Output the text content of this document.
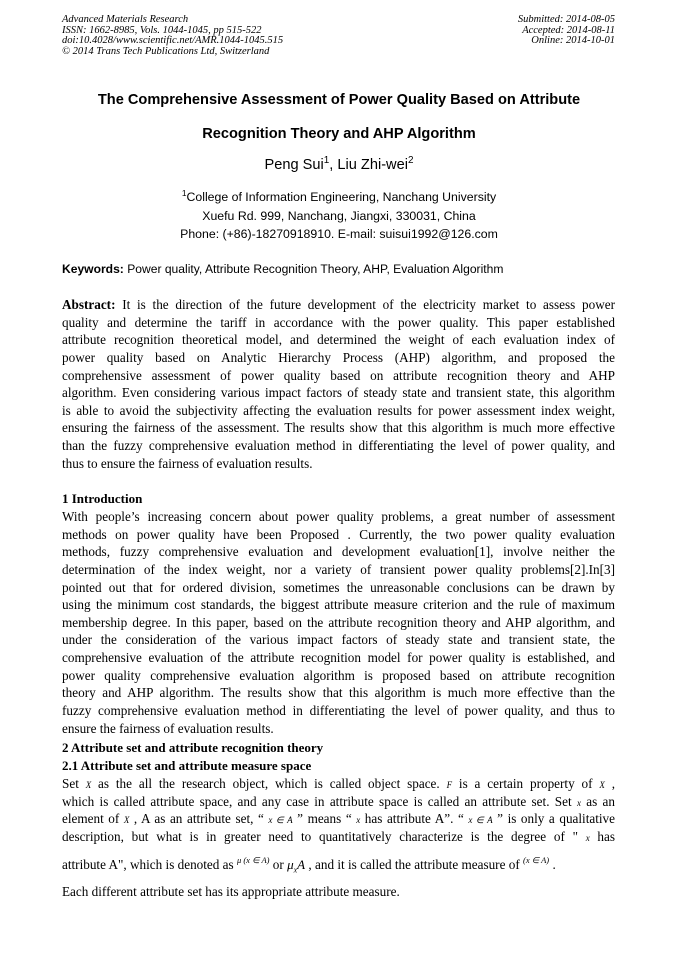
Advanced Materials Research
ISSN: 1662-8985, Vols. 1044-1045, pp 515-522
doi:10.4028/www.scientific.net/AMR.1044-1045.515
© 2014 Trans Tech Publications Ltd, Switzerland
Submitted: 2014-08-05
Accepted: 2014-08-11
Online: 2014-10-01
The Comprehensive Assessment of Power Quality Based on Attribute
Recognition Theory and AHP Algorithm
Peng Sui$^1$, Liu Zhi-wei$^2$
$^1$College of Information Engineering, Nanchang University
Xuefu Rd. 999, Nanchang, Jiangxi, 330031, China
Phone: (+86)-18270918910. E-mail: suisui1992@126.com
Keywords: Power quality, Attribute Recognition Theory, AHP, Evaluation Algorithm
Abstract: It is the direction of the future development of the electricity market to assess power
quality and determine the tariff in accordance with the power quality. This paper established
attribute recognition theoretical model, and determined the weight of each evaluation index of
power quality based on Analytic Hierarchy Process (AHP) algorithm, and proposed the
comprehensive assessment of power quality based on attribute recognition theory and AHP
algorithm. Even considering various impact factors of steady state and transient state, this algorithm
is able to avoid the subjectivity affecting the evaluation results for power assessment index weight,
ensuring the fairness of the assessment. The results show that this algorithm is much more effective
than the fuzzy comprehensive evaluation method in differentiating the level of power quality, and
thus to ensure the fairness of evaluation results.
1 Introduction
With people’s increasing concern about power quality problems, a great number of assessment
methods on power quality have been Proposed . Currently, the two power quality evaluation
methods, fuzzy comprehensive evaluation and development evaluation[1], involve neither the
determination of the index weight, nor a variety of transient power quality problems[2].In[3]
pointed out that for ordered division, sometimes the unreasonable conclusions can be drawn by
using the minimum cost standards, the biggest attribute measure criterion and the rule of maximum
membership degree. In this paper, based on the attribute recognition theory and AHP algorithm, and
under the consideration of the various impact factors of steady state and transient state, the
comprehensive evaluation of the attribute recognition model for power quality is established, and
power quality comprehensive evaluation algorithm is proposed based on attribute recognition
theory and AHP algorithm. The results show that this algorithm is much more effective than the
fuzzy comprehensive evaluation method in differentiating the level of power quality, and thus to
ensure the fairness of evaluation results.
2 Attribute set and attribute recognition theory
2.1 Attribute set and attribute measure space
Set X as the all the research object, which is called object space. F is a certain property of X ,
which is called attribute space, and any case in attribute space is called an attribute set. Set x as an
element of X , A as an attribute set, “ x ∈ A ” means “ x has attribute A”. “ x ∈ A ” is only a qualitative
description, but what is in greater need to quantitatively characterize is the degree of " x has
attribute A", which is denoted as $^{\mu (x \in A)}$ or $\mu_xA$ , and it is called the attribute measure of $^{(x \in A)}$ .
Each different attribute set has its appropriate attribute measure.
